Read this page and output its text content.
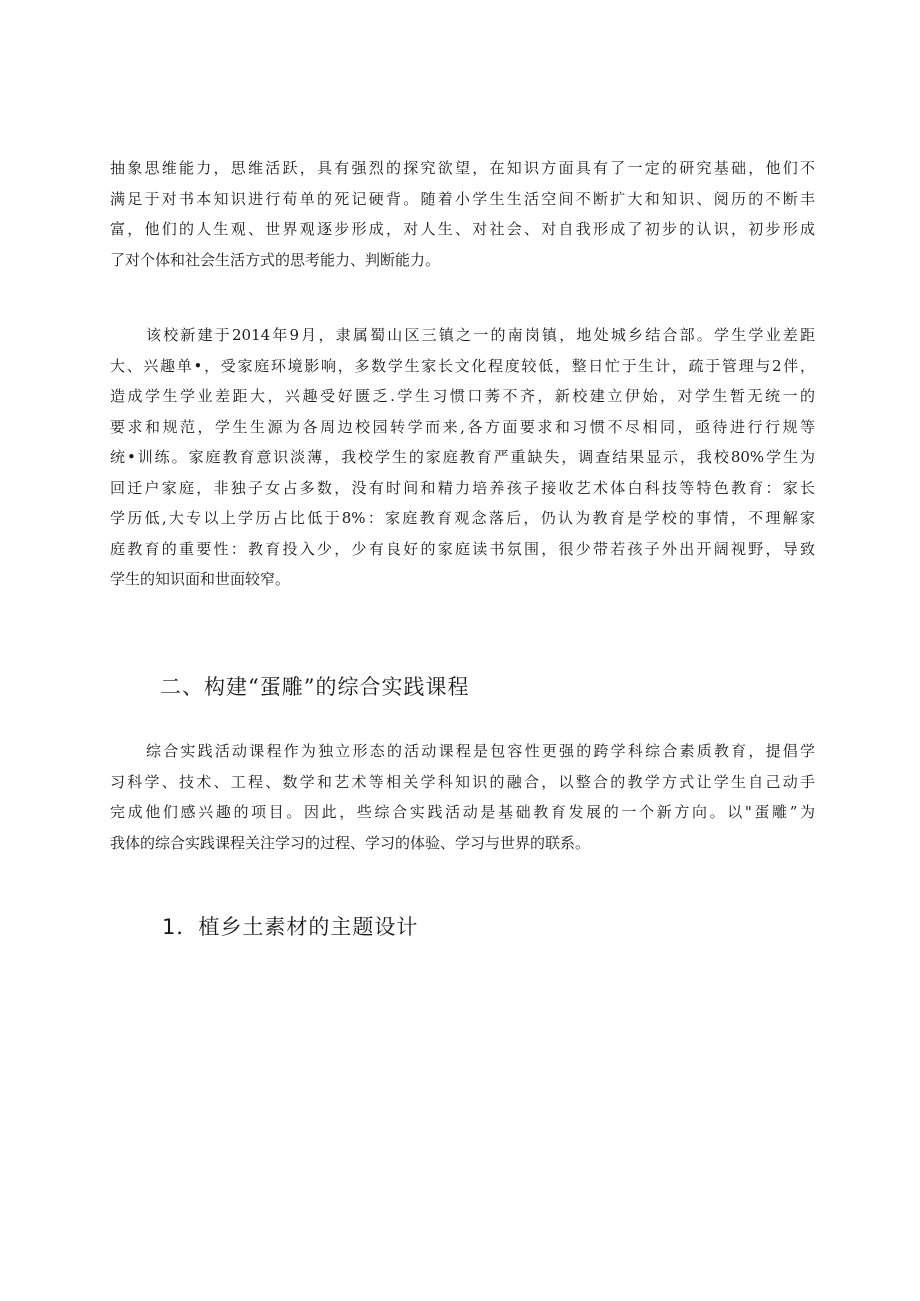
抽象思维能力，思维活跃，具有强烈的探究欲望，在知识方面具有了一定的研究基础，他们不
满足于对书本知识进行荀单的死记硬背。随着小学生生活空间不断扩大和知识、阅历的不断丰
富，他们的人生观、世界观逐步形成，对人生、对社会、对自我形成了初步的认识，初步形成
了对个体和社会生活方式的思考能力、判断能力。
该校新建于2014年9月，隶属蜀山区三镇之一的南岗镇，地处城乡结合部。学生学业差距
大、兴趣单•，受家庭环境影响，多数学生家长文化程度较低，整日忙于生计，疏于管理与2伴，
造成学生学业差距大，兴趣受好匮乏.学生习惯口莠不齐，新校建立伊始，对学生暂无统一的
要求和规范，学生生源为各周边校园转学而来,各方面要求和习惯不尽相同，亟待进行行规等
统•训练。家庭教育意识淡薄，我校学生的家庭教育严重缺失，调查结果显示，我校80%学生为
回迁户家庭，非独子女占多数，没有时间和精力培养孩子接收艺术体白科技等特色教育：家长
学历低,大专以上学历占比低于8%：家庭教育观念落后，仍认为教育是学校的事情，不理解家
庭教育的重要性：教育投入少，少有良好的家庭读书氛围，很少带若孩子外出开阔视野，导致
学生的知识面和世面较窄。
二、构建“蛋雕”的综合实践课程
综合实践活动课程作为独立形态的活动课程是包容性更强的跨学科综合素质教育，提倡学
习科学、技术、工程、数学和艺术等相关学科知识的融合，以整合的教学方式让学生自己动手
完成他们感兴趣的项目。因此，些综合实践活动是基础教育发展的一个新方向。以"蛋雕”为
我体的综合实践课程关注学习的过程、学习的体验、学习与世界的联系。
1．植乡土素材的主题设计
